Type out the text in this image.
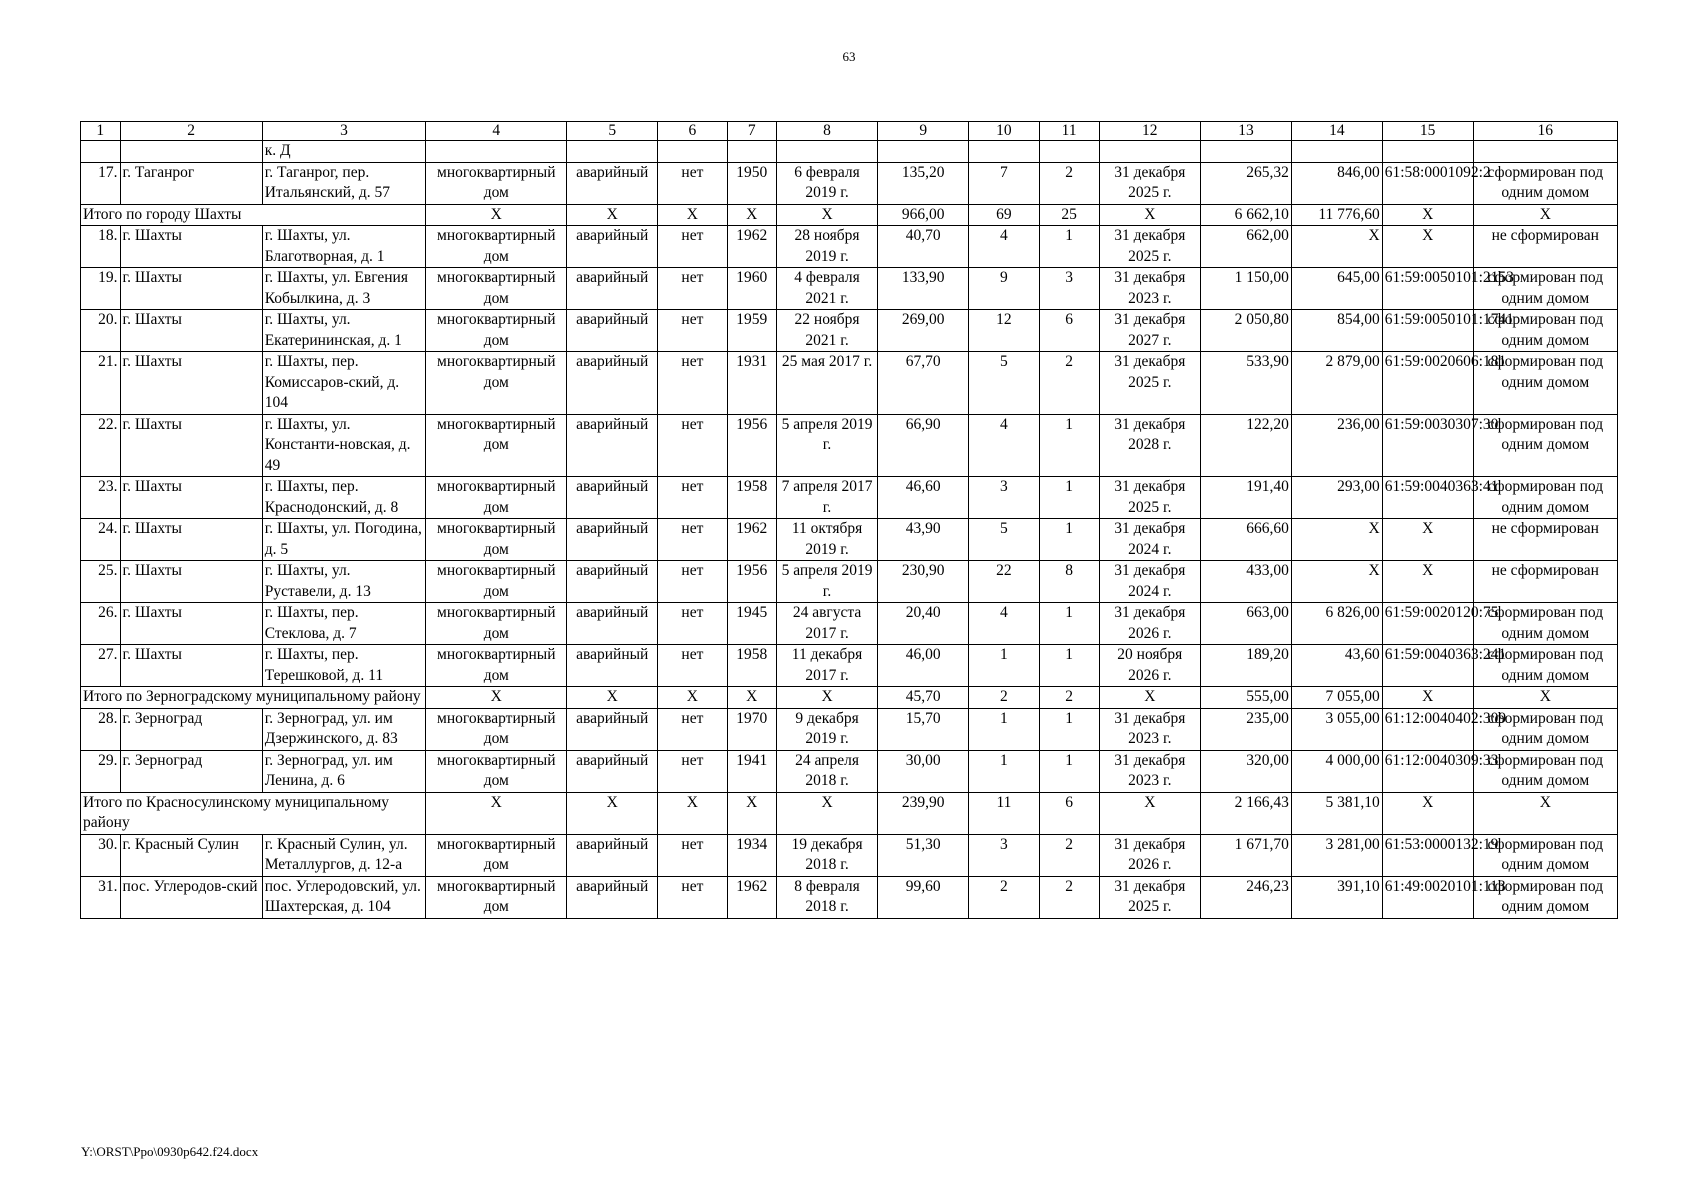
63
1	2	3	4	5	6	7	8	9	10	11	12	13	14	15	16
		к. Д													
17.	г. Таганрог	г. Таганрог, пер. Итальянский, д. 57	многоквартирный дом	аварийный	нет	1950	6 февраля 2019 г.	135,20	7	2	31 декабря 2025 г.	265,32	846,00	61:58:0001092:2	сформирован под одним домом
Итого по городу Шахты			X	X	X	X	X	966,00	69	25	X	6 662,10	11 776,60	X	X
18.	г. Шахты	г. Шахты, ул. Благотворная, д. 1	многоквартирный дом	аварийный	нет	1962	28 ноября 2019 г.	40,70	4	1	31 декабря 2025 г.	662,00	X	X	не сформирован
19.	г. Шахты	г. Шахты, ул. Евгения Кобылкина, д. 3	многоквартирный дом	аварийный	нет	1960	4 февраля 2021 г.	133,90	9	3	31 декабря 2023 г.	1 150,00	645,00	61:59:0050101:2153	сформирован под одним домом
20.	г. Шахты	г. Шахты, ул. Екатерининская, д. 1	многоквартирный дом	аварийный	нет	1959	22 ноября 2021 г.	269,00	12	6	31 декабря 2027 г.	2 050,80	854,00	61:59:0050101:1741	сформирован под одним домом
21.	г. Шахты	г. Шахты, пер. Комиссаров-ский, д. 104	многоквартирный дом	аварийный	нет	1931	25 мая 2017 г.	67,70	5	2	31 декабря 2025 г.	533,90	2 879,00	61:59:0020606:181	сформирован под одним домом
22.	г. Шахты	г. Шахты, ул. Константи-новская, д. 49	многоквартирный дом	аварийный	нет	1956	5 апреля 2019 г.	66,90	4	1	31 декабря 2028 г.	122,20	236,00	61:59:0030307:30	сформирован под одним домом
23.	г. Шахты	г. Шахты, пер. Краснодонский, д. 8	многоквартирный дом	аварийный	нет	1958	7 апреля 2017 г.	46,60	3	1	31 декабря 2025 г.	191,40	293,00	61:59:0040363:41	сформирован под одним домом
24.	г. Шахты	г. Шахты, ул. Погодина, д. 5	многоквартирный дом	аварийный	нет	1962	11 октября 2019 г.	43,90	5	1	31 декабря 2024 г.	666,60	X	X	не сформирован
25.	г. Шахты	г. Шахты, ул. Руставели, д. 13	многоквартирный дом	аварийный	нет	1956	5 апреля 2019 г.	230,90	22	8	31 декабря 2024 г.	433,00	X	X	не сформирован
26.	г. Шахты	г. Шахты, пер. Стеклова, д. 7	многоквартирный дом	аварийный	нет	1945	24 августа 2017 г.	20,40	4	1	31 декабря 2026 г.	663,00	6 826,00	61:59:0020120:75	сформирован под одним домом
27.	г. Шахты	г. Шахты, пер. Терешковой, д. 11	многоквартирный дом	аварийный	нет	1958	11 декабря 2017 г.	46,00	1	1	20 ноября 2026 г.	189,20	43,60	61:59:0040363:241	сформирован под одним домом
Итого по Зерноградскому муниципальному району			X	X	X	X	X	45,70	2	2	X	555,00	7 055,00	X	X
28.	г. Зерноград	г. Зерноград, ул. им Дзержинского, д. 83	многоквартирный дом	аварийный	нет	1970	9 декабря 2019 г.	15,70	1	1	31 декабря 2023 г.	235,00	3 055,00	61:12:0040402:309	сформирован под одним домом
29.	г. Зерноград	г. Зерноград, ул. им Ленина, д. 6	многоквартирный дом	аварийный	нет	1941	24 апреля 2018 г.	30,00	1	1	31 декабря 2023 г.	320,00	4 000,00	61:12:0040309:33	сформирован под одним домом
Итого по Красносулинскому муниципальному району			X	X	X	X	X	239,90	11	6	X	2 166,43	5 381,10	X	X
30.	г. Красный Сулин	г. Красный Сулин, ул. Металлургов, д. 12-а	многоквартирный дом	аварийный	нет	1934	19 декабря 2018 г.	51,30	3	2	31 декабря 2026 г.	1 671,70	3 281,00	61:53:0000132:19	сформирован под одним домом
31.	пос. Углеродов-ский	пос. Углеродовский, ул. Шахтерская, д. 104	многоквартирный дом	аварийный	нет	1962	8 февраля 2018 г.	99,60	2	2	31 декабря 2025 г.	246,23	391,10	61:49:0020101:113	сформирован под одним домом
Y:\ORST\Ppo\0930p642.f24.docx
